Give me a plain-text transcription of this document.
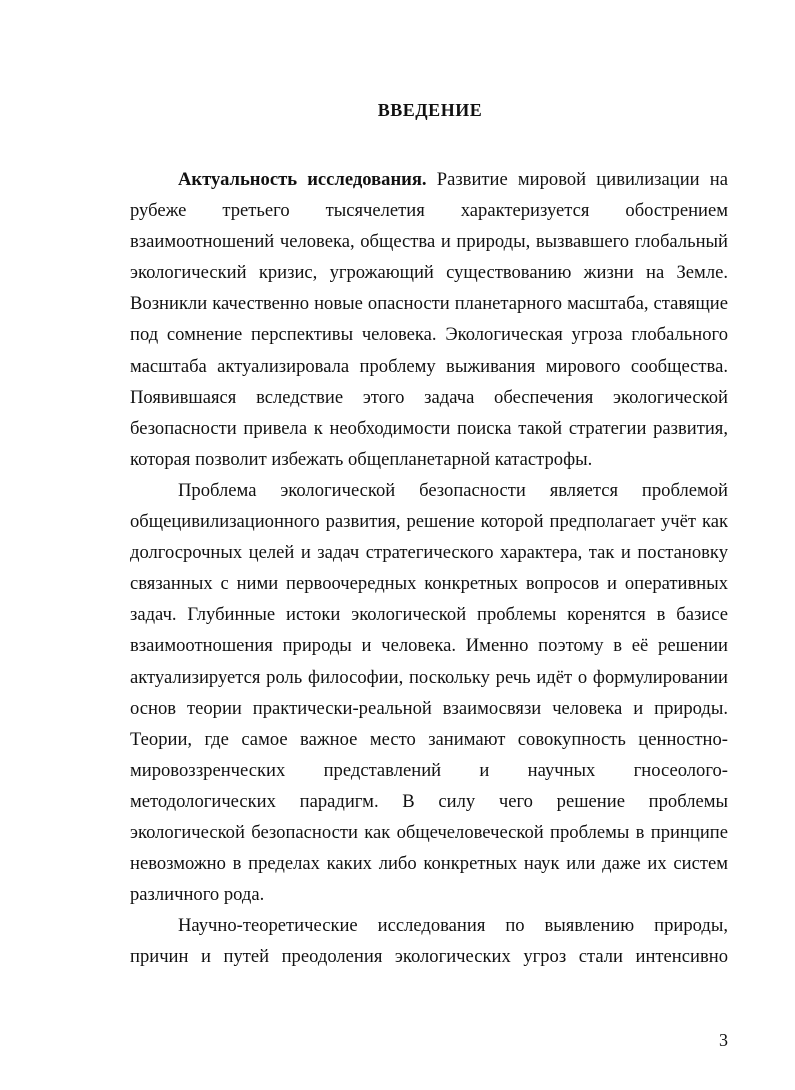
ВВЕДЕНИЕ

Актуальность исследования. Развитие мировой цивилизации на рубеже третьего тысячелетия характеризуется обострением взаимоотношений человека, общества и природы, вызвавшего глобальный экологический кризис, угрожающий существованию жизни на Земле. Возникли качественно новые опасности планетарного масштаба, ставящие под сомнение перспективы человека. Экологическая угроза глобального масштаба актуализировала проблему выживания мирового сообщества. Появившаяся вследствие этого задача обеспечения экологической безопасности привела к необходимости поиска такой стратегии развития, которая позволит избежать общепланетарной катастрофы.

Проблема экологической безопасности является проблемой общецивилизационного развития, решение которой предполагает учёт как долгосрочных целей и задач стратегического характера, так и постановку связанных с ними первоочередных конкретных вопросов и оперативных задач. Глубинные истоки экологической проблемы коренятся в базисе взаимоотношения природы и человека. Именно поэтому в её решении актуализируется роль философии, поскольку речь идёт о формулировании основ теории практически-реальной взаимосвязи человека и природы. Теории, где самое важное место занимают совокупность ценностно-мировоззренческих представлений и научных гносеолого-методологических парадигм. В силу чего решение проблемы экологической безопасности как общечеловеческой проблемы в принципе невозможно в пределах каких либо конкретных наук или даже их систем различного рода.

Научно-теоретические исследования по выявлению природы, причин и путей преодоления экологических угроз стали интенсивно

3
